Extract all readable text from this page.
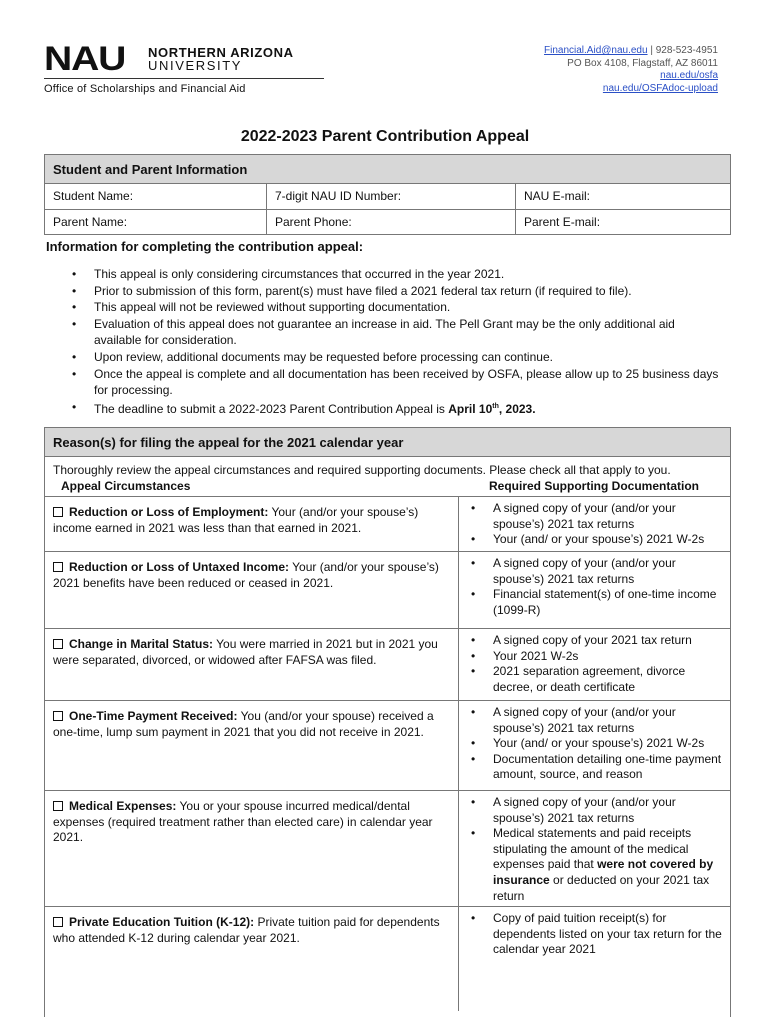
NAU	NORTHERN ARIZONA
UNIVERSITY
Office of Scholarships and Financial Aid
Financial.Aid@nau.edu | 928-523-4951
PO Box 4108, Flagstaff, AZ 86011
nau.edu/osfa
nau.edu/OSFAdoc-upload
2022-2023 Parent Contribution Appeal
Student and Parent Information
Student Name:	7-digit NAU ID Number:	NAU E-mail:
Parent Name:	Parent Phone:	Parent E-mail:
Information for completing the contribution appeal:
• This appeal is only considering circumstances that occurred in the year 2021.
• Prior to submission of this form, parent(s) must have filed a 2021 federal tax return (if required to file).
• This appeal will not be reviewed without supporting documentation.
• Evaluation of this appeal does not guarantee an increase in aid. The Pell Grant may be the only additional aid available for consideration.
• Upon review, additional documents may be requested before processing can continue.
• Once the appeal is complete and all documentation has been received by OSFA, please allow up to 25 business days for processing.
• The deadline to submit a 2022-2023 Parent Contribution Appeal is April 10th, 2023.
Reason(s) for filing the appeal for the 2021 calendar year
Thoroughly review the appeal circumstances and required supporting documents. Please check all that apply to you.
Appeal Circumstances	Required Supporting Documentation
Reduction or Loss of Employment: Your (and/or your spouse’s) income earned in 2021 was less than that earned in 2021.
• A signed copy of your (and/or your spouse’s) 2021 tax returns
• Your (and/ or your spouse’s) 2021 W-2s
Reduction or Loss of Untaxed Income: Your (and/or your spouse’s) 2021 benefits have been reduced or ceased in 2021.
• A signed copy of your (and/or your spouse’s) 2021 tax returns
• Financial statement(s) of one-time income (1099-R)
Change in Marital Status: You were married in 2021 but in 2021 you were separated, divorced, or widowed after FAFSA was filed.
• A signed copy of your 2021 tax return
• Your 2021 W-2s
• 2021 separation agreement, divorce decree, or death certificate
One-Time Payment Received: You (and/or your spouse) received a one-time, lump sum payment in 2021 that you did not receive in 2021.
• A signed copy of your (and/or your spouse’s) 2021 tax returns
• Your (and/ or your spouse’s) 2021 W-2s
• Documentation detailing one-time payment amount, source, and reason
Medical Expenses: You or your spouse incurred medical/dental expenses (required treatment rather than elected care) in calendar year 2021.
• A signed copy of your (and/or your spouse’s) 2021 tax returns
• Medical statements and paid receipts stipulating the amount of the medical expenses paid that were not covered by insurance or deducted on your 2021 tax return
Private Education Tuition (K-12): Private tuition paid for dependents who attended K-12 during calendar year 2021.
• Copy of paid tuition receipt(s) for dependents listed on your tax return for the calendar year 2021
